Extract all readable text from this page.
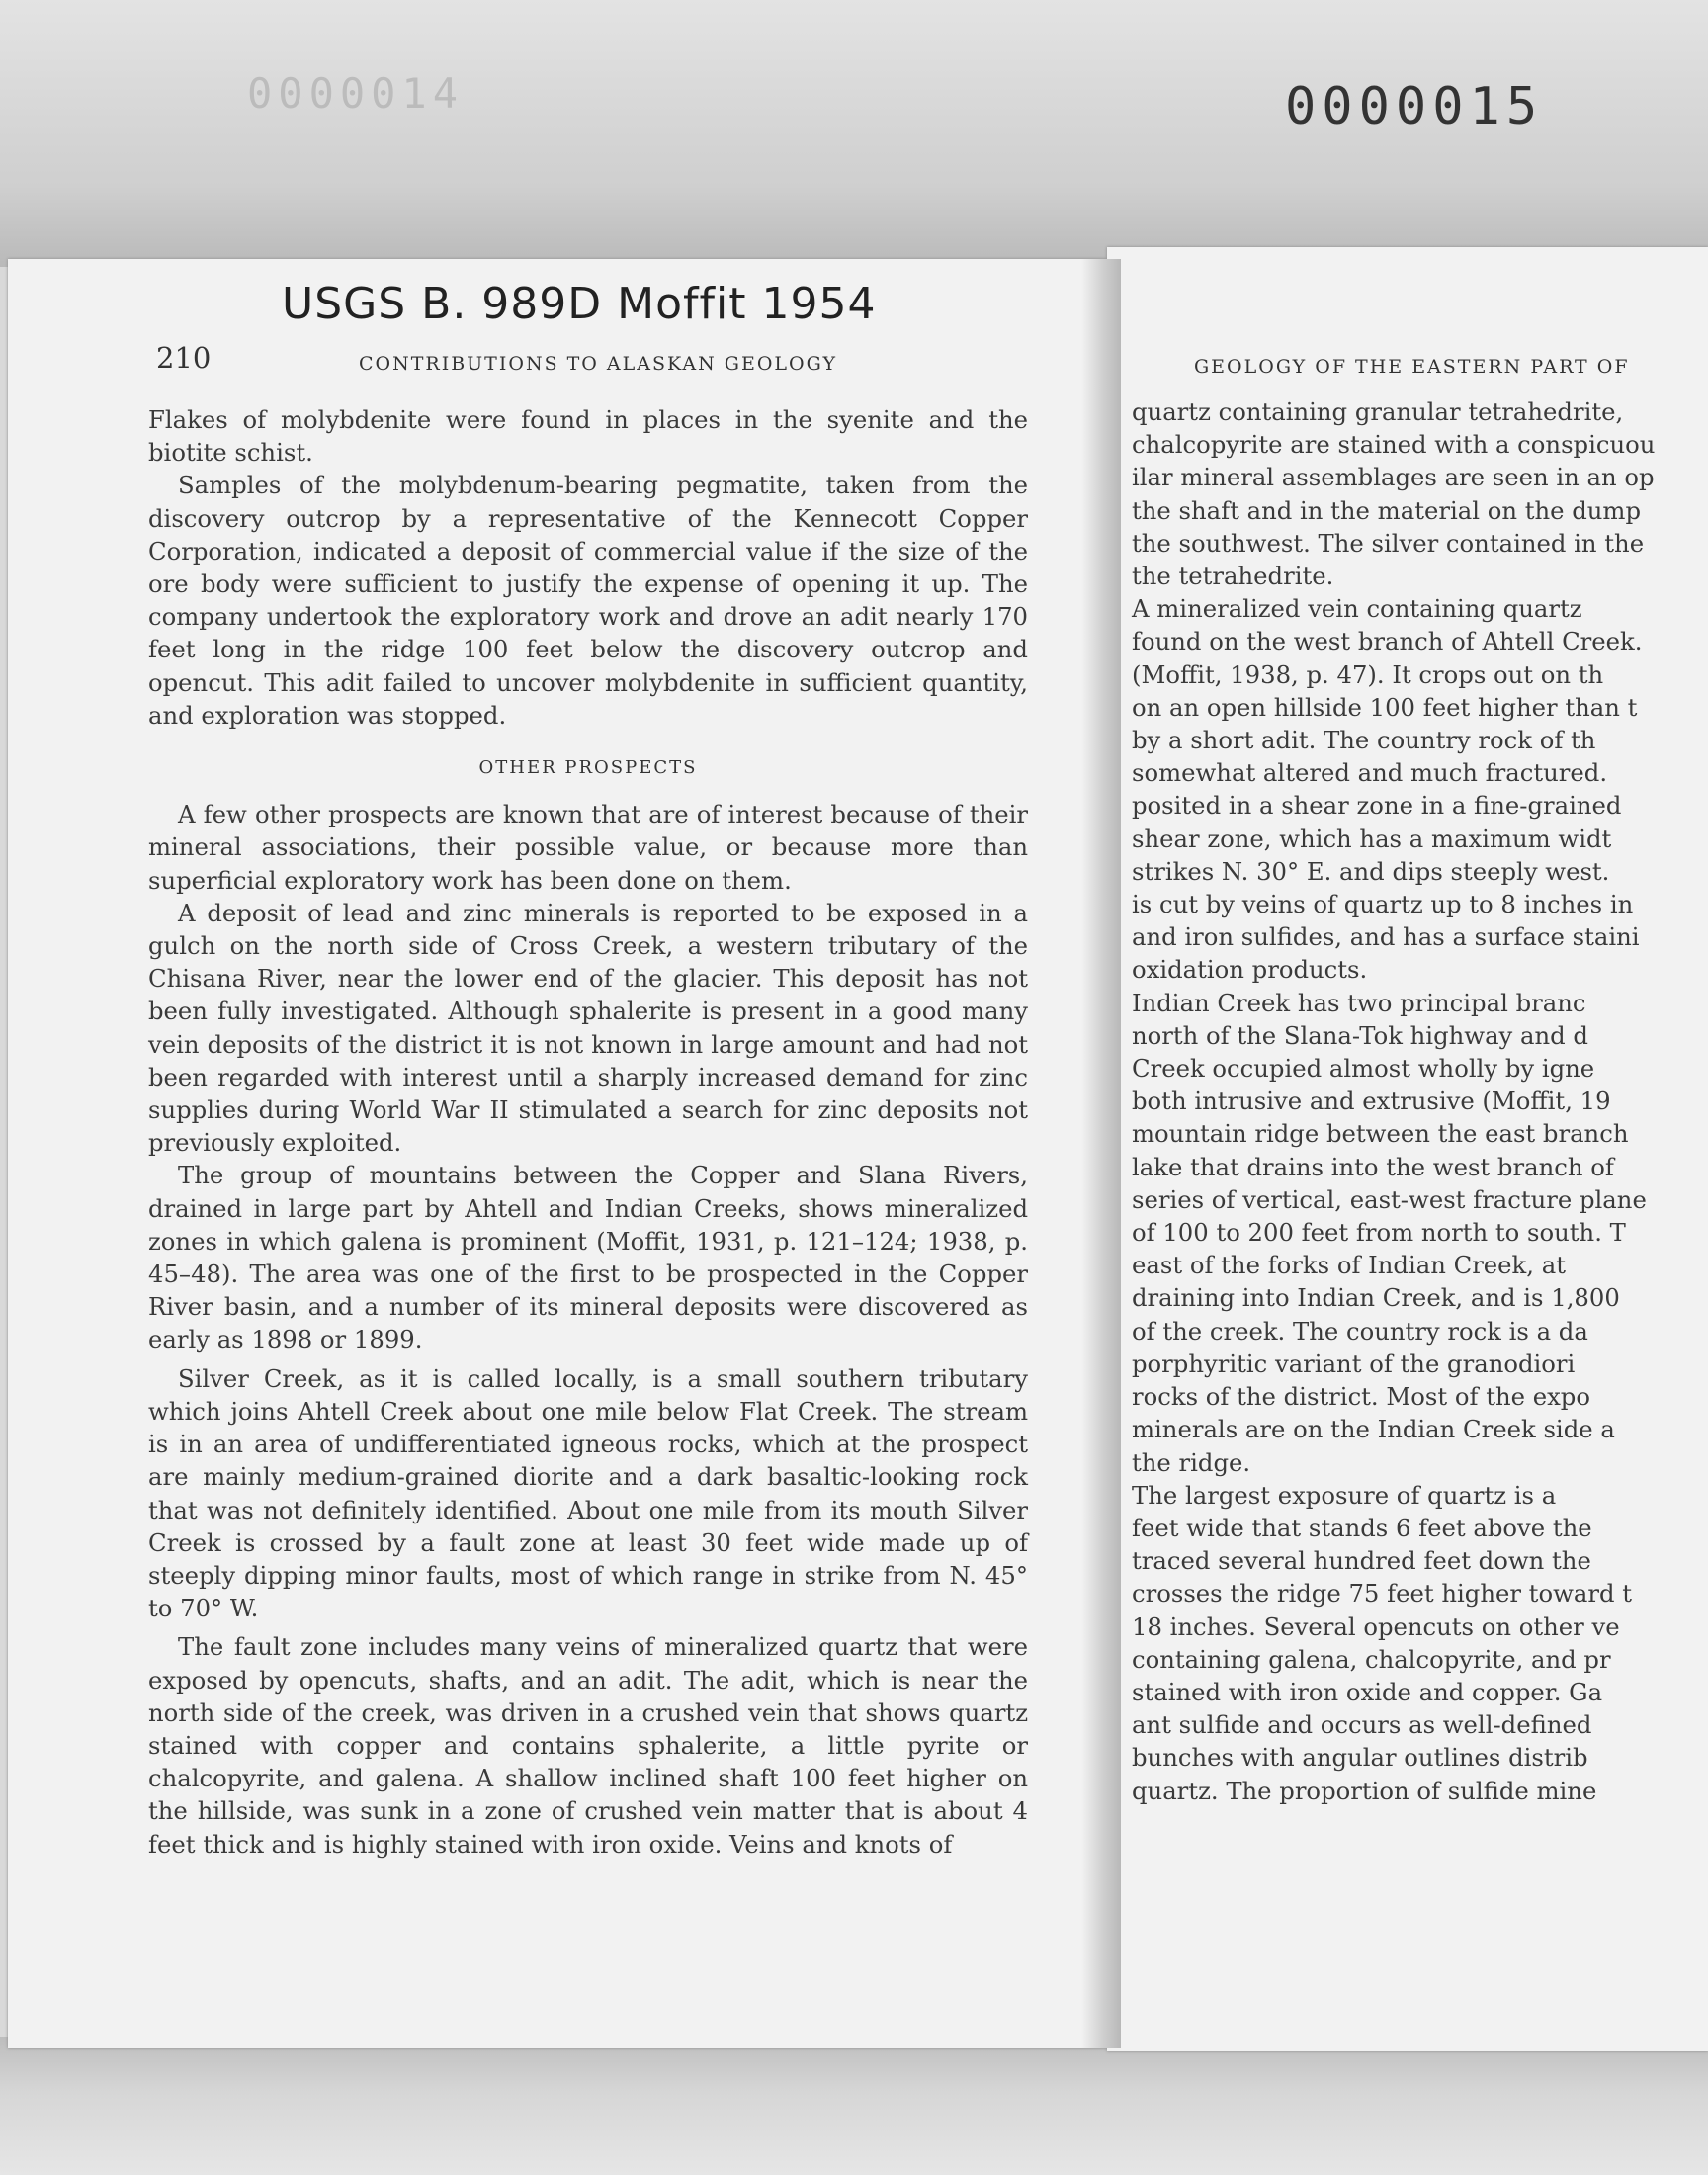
0000014	0000015
USGS B. 989D Moffit 1954
210	CONTRIBUTIONS TO ALASKAN GEOLOGY	GEOLOGY OF THE EASTERN PART OF

Flakes of molybdenite were found in places in the syenite and the biotite schist.

Samples of the molybdenum-bearing pegmatite, taken from the discovery outcrop by a representative of the Kennecott Copper Corporation, indicated a deposit of commercial value if the size of the ore body were sufficient to justify the expense of opening it up. The company undertook the exploratory work and drove an adit nearly 170 feet long in the ridge 100 feet below the discovery outcrop and opencut. This adit failed to uncover molybdenite in sufficient quantity, and exploration was stopped.

OTHER PROSPECTS

A few other prospects are known that are of interest because of their mineral associations, their possible value, or because more than superficial exploratory work has been done on them.

A deposit of lead and zinc minerals is reported to be exposed in a gulch on the north side of Cross Creek, a western tributary of the Chisana River, near the lower end of the glacier. This deposit has not been fully investigated. Although sphalerite is present in a good many vein deposits of the district it is not known in large amount and had not been regarded with interest until a sharply increased demand for zinc supplies during World War II stimulated a search for zinc deposits not previously exploited.

The group of mountains between the Copper and Slana Rivers, drained in large part by Ahtell and Indian Creeks, shows mineralized zones in which galena is prominent (Moffit, 1931, p. 121–124; 1938, p. 45–48). The area was one of the first to be prospected in the Copper River basin, and a number of its mineral deposits were discovered as early as 1898 or 1899.

Silver Creek, as it is called locally, is a small southern tributary which joins Ahtell Creek about one mile below Flat Creek. The stream is in an area of undifferentiated igneous rocks, which at the prospect are mainly medium-grained diorite and a dark basaltic-looking rock that was not definitely identified. About one mile from its mouth Silver Creek is crossed by a fault zone at least 30 feet wide made up of steeply dipping minor faults, most of which range in strike from N. 45° to 70° W.

The fault zone includes many veins of mineralized quartz that were exposed by opencuts, shafts, and an adit. The adit, which is near the north side of the creek, was driven in a crushed vein that shows quartz stained with copper and contains sphalerite, a little pyrite or chalcopyrite, and galena. A shallow inclined shaft 100 feet higher on the hillside, was sunk in a zone of crushed vein matter that is about 4 feet thick and is highly stained with iron oxide. Veins and knots of

quartz containing granular tetrahedrite,

chalcopyrite are stained with a conspicuou

ilar mineral assemblages are seen in an op

the shaft and in the material on the dump

the southwest. The silver contained in the

the tetrahedrite.

A mineralized vein containing quartz

found on the west branch of Ahtell Creek.

(Moffit, 1938, p. 47). It crops out on th

on an open hillside 100 feet higher than t

by a short adit. The country rock of th

somewhat altered and much fractured.

posited in a shear zone in a fine-grained

shear zone, which has a maximum widt

strikes N. 30° E. and dips steeply west.

is cut by veins of quartz up to 8 inches in

and iron sulfides, and has a surface staini

oxidation products.

Indian Creek has two principal branc

north of the Slana-Tok highway and d

Creek occupied almost wholly by igne

both intrusive and extrusive (Moffit, 19

mountain ridge between the east branch

lake that drains into the west branch of

series of vertical, east-west fracture plane

of 100 to 200 feet from north to south. T

east of the forks of Indian Creek, at

draining into Indian Creek, and is 1,800

of the creek. The country rock is a da

porphyritic variant of the granodiori

rocks of the district. Most of the expo

minerals are on the Indian Creek side a

the ridge.

The largest exposure of quartz is a

feet wide that stands 6 feet above the

traced several hundred feet down the

crosses the ridge 75 feet higher toward t

18 inches. Several opencuts on other ve

containing galena, chalcopyrite, and pr

stained with iron oxide and copper. Ga

ant sulfide and occurs as well-defined

bunches with angular outlines distrib

quartz. The proportion of sulfide mine
